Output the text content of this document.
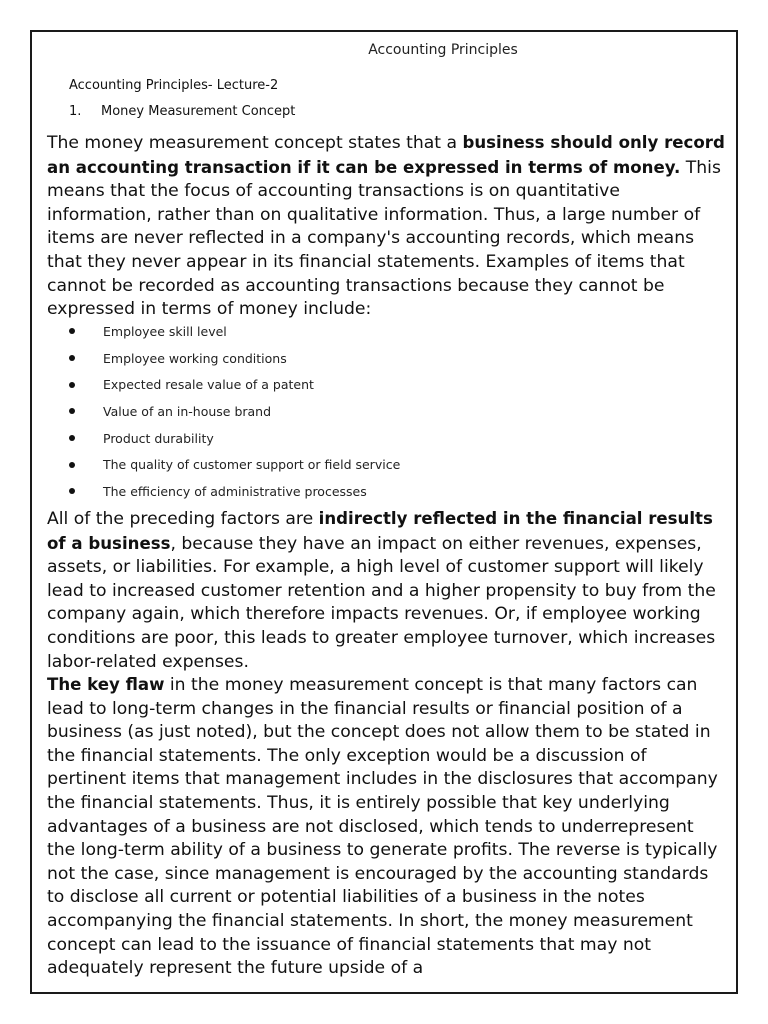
Accounting Principles
Accounting Principles- Lecture-2
1. Money Measurement Concept
The money measurement concept states that a business should only record an accounting transaction if it can be expressed in terms of money. This means that the focus of accounting transactions is on quantitative information, rather than on qualitative information. Thus, a large number of items are never reflected in a company's accounting records, which means that they never appear in its financial statements. Examples of items that cannot be recorded as accounting transactions because they cannot be expressed in terms of money include:
Employee skill level
Employee working conditions
Expected resale value of a patent
Value of an in-house brand
Product durability
The quality of customer support or field service
The efficiency of administrative processes
All of the preceding factors are indirectly reflected in the financial results of a business, because they have an impact on either revenues, expenses, assets, or liabilities. For example, a high level of customer support will likely lead to increased customer retention and a higher propensity to buy from the company again, which therefore impacts revenues. Or, if employee working conditions are poor, this leads to greater employee turnover, which increases labor-related expenses.
The key flaw in the money measurement concept is that many factors can lead to long-term changes in the financial results or financial position of a business (as just noted), but the concept does not allow them to be stated in the financial statements. The only exception would be a discussion of pertinent items that management includes in the disclosures that accompany the financial statements. Thus, it is entirely possible that key underlying advantages of a business are not disclosed, which tends to underrepresent the long-term ability of a business to generate profits. The reverse is typically not the case, since management is encouraged by the accounting standards to disclose all current or potential liabilities of a business in the notes accompanying the financial statements. In short, the money measurement concept can lead to the issuance of financial statements that may not adequately represent the future upside of a
